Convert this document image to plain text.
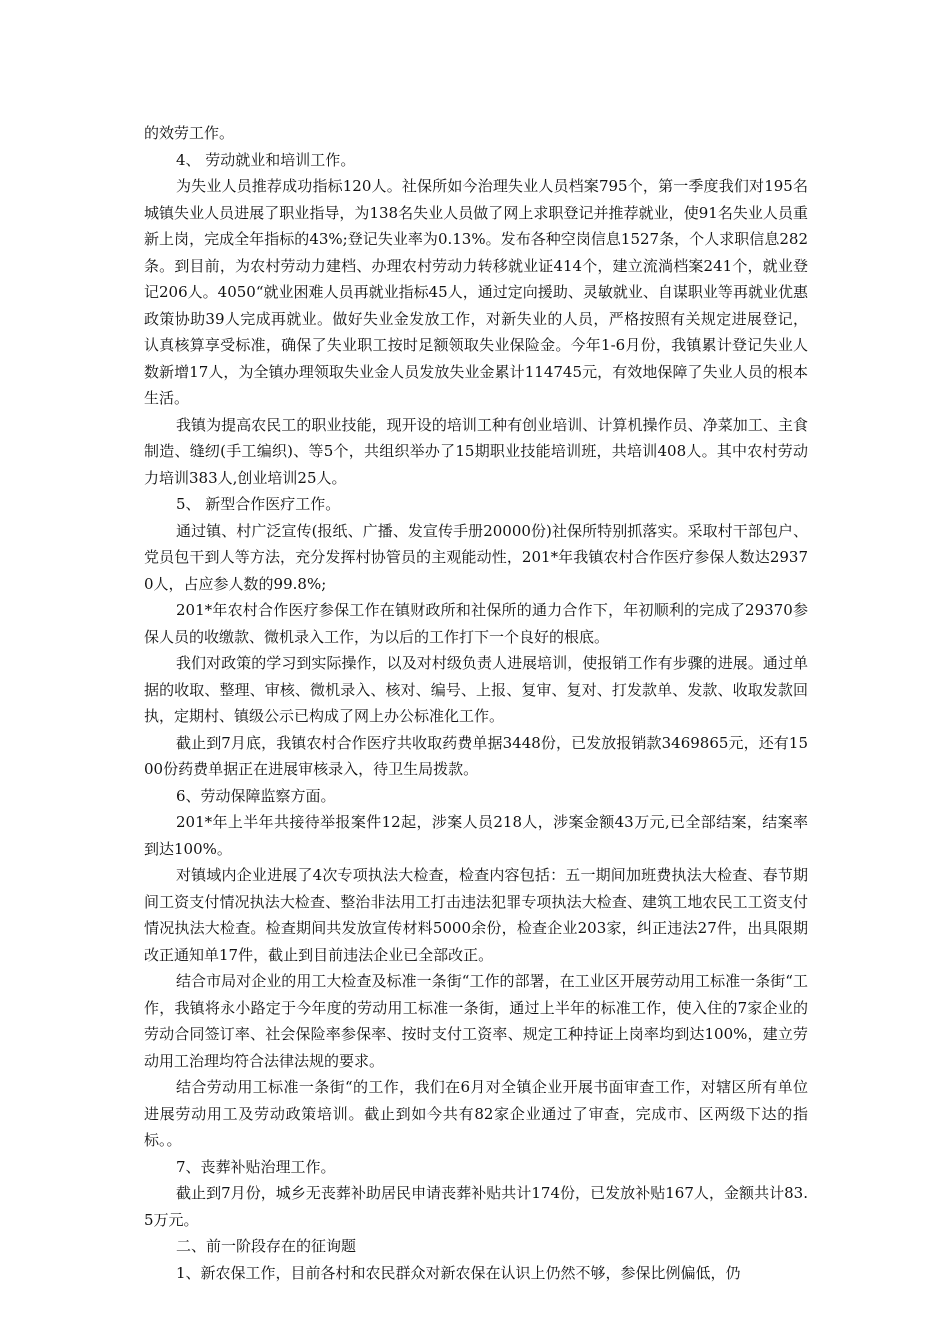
的效劳工作。

4、 劳动就业和培训工作。

为失业人员推荐成功指标120人。社保所如今治理失业人员档案795个，第一季度我们对195名城镇失业人员进展了职业指导，为138名失业人员做了网上求职登记并推荐就业，使91名失业人员重新上岗，完成全年指标的43%;登记失业率为0.13%。发布各种空岗信息1527条，个人求职信息282条。到目前，为农村劳动力建档、办理农村劳动力转移就业证414个，建立流淌档案241个，就业登记206人。4050“就业困难人员再就业指标45人，通过定向援助、灵敏就业、自谋职业等再就业优惠政策协助39人完成再就业。做好失业金发放工作，对新失业的人员，严格按照有关规定进展登记，认真核算享受标准，确保了失业职工按时足额领取失业保险金。今年1-6月份，我镇累计登记失业人数新增17人，为全镇办理领取失业金人员发放失业金累计114745元，有效地保障了失业人员的根本生活。

我镇为提高农民工的职业技能，现开设的培训工种有创业培训、计算机操作员、净菜加工、主食制造、缝纫(手工编织)、等5个，共组织举办了15期职业技能培训班，共培训408人。其中农村劳动力培训383人,创业培训25人。

5、 新型合作医疗工作。

通过镇、村广泛宣传(报纸、广播、发宣传手册20000份)社保所特别抓落实。采取村干部包户、党员包干到人等方法，充分发挥村协管员的主观能动性，201*年我镇农村合作医疗参保人数达29370人，占应参人数的99.8%;

201*年农村合作医疗参保工作在镇财政所和社保所的通力合作下，年初顺利的完成了29370参保人员的收缴款、微机录入工作，为以后的工作打下一个良好的根底。

我们对政策的学习到实际操作，以及对村级负责人进展培训，使报销工作有步骤的进展。通过单据的收取、整理、审核、微机录入、核对、编号、上报、复审、复对、打发款单、发款、收取发款回执，定期村、镇级公示已构成了网上办公标准化工作。

截止到7月底，我镇农村合作医疗共收取药费单据3448份，已发放报销款3469865元，还有1500份药费单据正在进展审核录入，待卫生局拨款。

6、劳动保障监察方面。

201*年上半年共接待举报案件12起，涉案人员218人，涉案金额43万元,已全部结案，结案率到达100%。

对镇域内企业进展了4次专项执法大检查，检查内容包括：五一期间加班费执法大检查、春节期间工资支付情况执法大检查、整治非法用工打击违法犯罪专项执法大检查、建筑工地农民工工资支付情况执法大检查。检查期间共发放宣传材料5000余份，检查企业203家，纠正违法27件，出具限期改正通知单17件，截止到目前违法企业已全部改正。

结合市局对企业的用工大检查及标准一条街“工作的部署，在工业区开展劳动用工标准一条街“工作，我镇将永小路定于今年度的劳动用工标准一条街，通过上半年的标准工作，使入住的7家企业的劳动合同签订率、社会保险率参保率、按时支付工资率、规定工种持证上岗率均到达100%，建立劳动用工治理均符合法律法规的要求。

结合劳动用工标准一条街“的工作，我们在6月对全镇企业开展书面审查工作，对辖区所有单位进展劳动用工及劳动政策培训。截止到如今共有82家企业通过了审查，完成市、区两级下达的指标。。

7、丧葬补贴治理工作。

截止到7月份，城乡无丧葬补助居民申请丧葬补贴共计174份，已发放补贴167人，金额共计83.5万元。

二、前一阶段存在的征询题

1、新农保工作，目前各村和农民群众对新农保在认识上仍然不够，参保比例偏低，仍
